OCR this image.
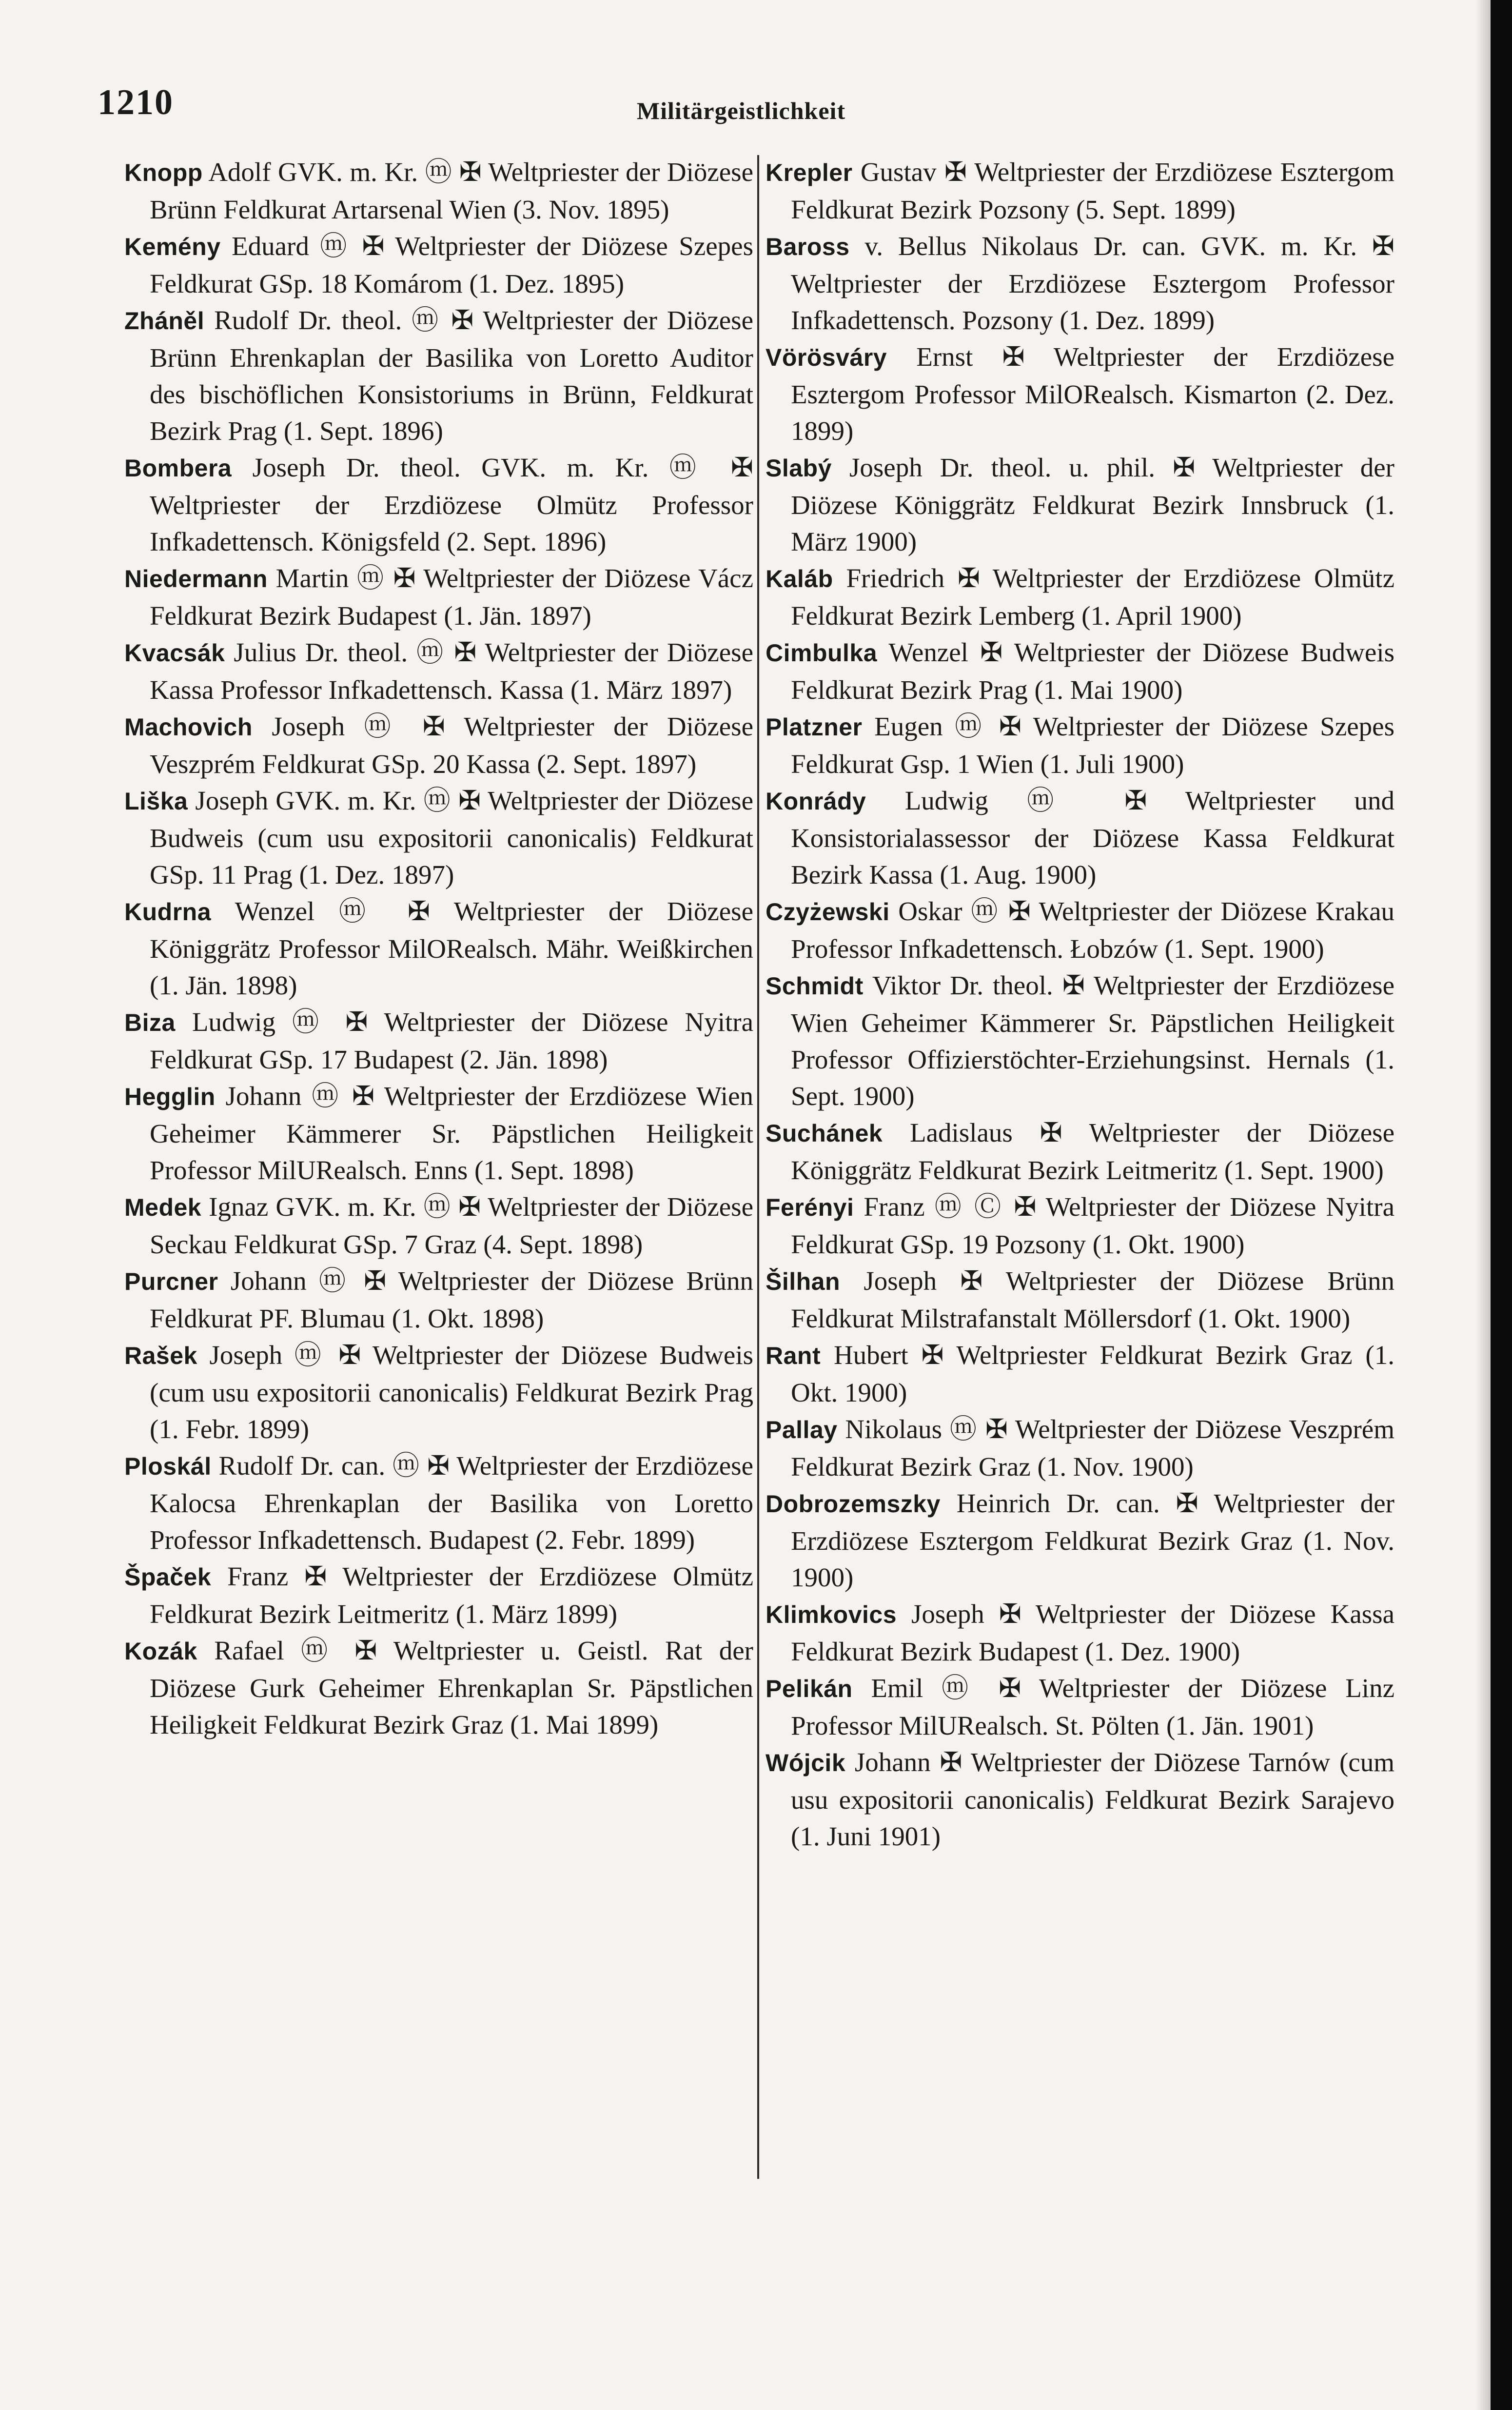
1210	Militärgeistlichkeit

Knopp Adolf GVK. m. Kr. ⓜ ✠ Weltpriester der Diözese Brünn Feldkurat Artarsenal Wien (3. Nov. 1895)

Kemény Eduard ⓜ ✠ Weltpriester der Diözese Szepes Feldkurat GSp. 18 Komárom (1. Dez. 1895)

Zháněl Rudolf Dr. theol. ⓜ ✠ Weltpriester der Diözese Brünn Ehrenkaplan der Basilika von Loretto Auditor des bischöflichen Konsistoriums in Brünn, Feldkurat Bezirk Prag (1. Sept. 1896)

Bombera Joseph Dr. theol. GVK. m. Kr. ⓜ ✠ Weltpriester der Erzdiözese Olmütz Professor Infkadettensch. Königsfeld (2. Sept. 1896)

Niedermann Martin ⓜ ✠ Weltpriester der Diözese Vácz Feldkurat Bezirk Budapest (1. Jän. 1897)

Kvacsák Julius Dr. theol. ⓜ ✠ Weltpriester der Diözese Kassa Professor Infkadettensch. Kassa (1. März 1897)

Machovich Joseph ⓜ ✠ Weltpriester der Diözese Veszprém Feldkurat GSp. 20 Kassa (2. Sept. 1897)

Liška Joseph GVK. m. Kr. ⓜ ✠ Weltpriester der Diözese Budweis (cum usu expositorii canonicalis) Feldkurat GSp. 11 Prag (1. Dez. 1897)

Kudrna Wenzel ⓜ ✠ Weltpriester der Diözese Königgrätz Professor MilORealsch. Mähr. Weißkirchen (1. Jän. 1898)

Biza Ludwig ⓜ ✠ Weltpriester der Diözese Nyitra Feldkurat GSp. 17 Budapest (2. Jän. 1898)

Hegglin Johann ⓜ ✠ Weltpriester der Erzdiözese Wien Geheimer Kämmerer Sr. Päpstlichen Heiligkeit Professor MilURealsch. Enns (1. Sept. 1898)

Medek Ignaz GVK. m. Kr. ⓜ ✠ Weltpriester der Diözese Seckau Feldkurat GSp. 7 Graz (4. Sept. 1898)

Purcner Johann ⓜ ✠ Weltpriester der Diözese Brünn Feldkurat PF. Blumau (1. Okt. 1898)

Rašek Joseph ⓜ ✠ Weltpriester der Diözese Budweis (cum usu expositorii canonicalis) Feldkurat Bezirk Prag (1. Febr. 1899)

Ploskál Rudolf Dr. can. ⓜ ✠ Weltpriester der Erzdiözese Kalocsa Ehrenkaplan der Basilika von Loretto Professor Infkadettensch. Budapest (2. Febr. 1899)

Špaček Franz ✠ Weltpriester der Erzdiözese Olmütz Feldkurat Bezirk Leitmeritz (1. März 1899)

Kozák Rafael ⓜ ✠ Weltpriester u. Geistl. Rat der Diözese Gurk Geheimer Ehrenkaplan Sr. Päpstlichen Heiligkeit Feldkurat Bezirk Graz (1. Mai 1899)

Krepler Gustav ✠ Weltpriester der Erzdiözese Esztergom Feldkurat Bezirk Pozsony (5. Sept. 1899)

Baross v. Bellus Nikolaus Dr. can. GVK. m. Kr. ✠ Weltpriester der Erzdiözese Esztergom Professor Infkadettensch. Pozsony (1. Dez. 1899)

Vörösváry Ernst ✠ Weltpriester der Erzdiözese Esztergom Professor MilORealsch. Kismarton (2. Dez. 1899)

Slabý Joseph Dr. theol. u. phil. ✠ Weltpriester der Diözese Königgrätz Feldkurat Bezirk Innsbruck (1. März 1900)

Kaláb Friedrich ✠ Weltpriester der Erzdiözese Olmütz Feldkurat Bezirk Lemberg (1. April 1900)

Cimbulka Wenzel ✠ Weltpriester der Diözese Budweis Feldkurat Bezirk Prag (1. Mai 1900)

Platzner Eugen ⓜ ✠ Weltpriester der Diözese Szepes Feldkurat Gsp. 1 Wien (1. Juli 1900)

Konrády Ludwig ⓜ ✠ Weltpriester und Konsistorialassessor der Diözese Kassa Feldkurat Bezirk Kassa (1. Aug. 1900)

Czyżewski Oskar ⓜ ✠ Weltpriester der Diözese Krakau Professor Infkadettensch. Łobzów (1. Sept. 1900)

Schmidt Viktor Dr. theol. ✠ Weltpriester der Erzdiözese Wien Geheimer Kämmerer Sr. Päpstlichen Heiligkeit Professor Offizierstöchter-Erziehungsinst. Hernals (1. Sept. 1900)

Suchánek Ladislaus ✠ Weltpriester der Diözese Königgrätz Feldkurat Bezirk Leitmeritz (1. Sept. 1900)

Ferényi Franz ⓜ Ⓒ ✠ Weltpriester der Diözese Nyitra Feldkurat GSp. 19 Pozsony (1. Okt. 1900)

Šilhan Joseph ✠ Weltpriester der Diözese Brünn Feldkurat Milstrafanstalt Möllersdorf (1. Okt. 1900)

Rant Hubert ✠ Weltpriester Feldkurat Bezirk Graz (1. Okt. 1900)

Pallay Nikolaus ⓜ ✠ Weltpriester der Diözese Veszprém Feldkurat Bezirk Graz (1. Nov. 1900)

Dobrozemszky Heinrich Dr. can. ✠ Weltpriester der Erzdiözese Esztergom Feldkurat Bezirk Graz (1. Nov. 1900)

Klimkovics Joseph ✠ Weltpriester der Diözese Kassa Feldkurat Bezirk Budapest (1. Dez. 1900)

Pelikán Emil ⓜ ✠ Weltpriester der Diözese Linz Professor MilURealsch. St. Pölten (1. Jän. 1901)

Wójcik Johann ✠ Weltpriester der Diözese Tarnów (cum usu expositorii canonicalis) Feldkurat Bezirk Sarajevo (1. Juni 1901)
